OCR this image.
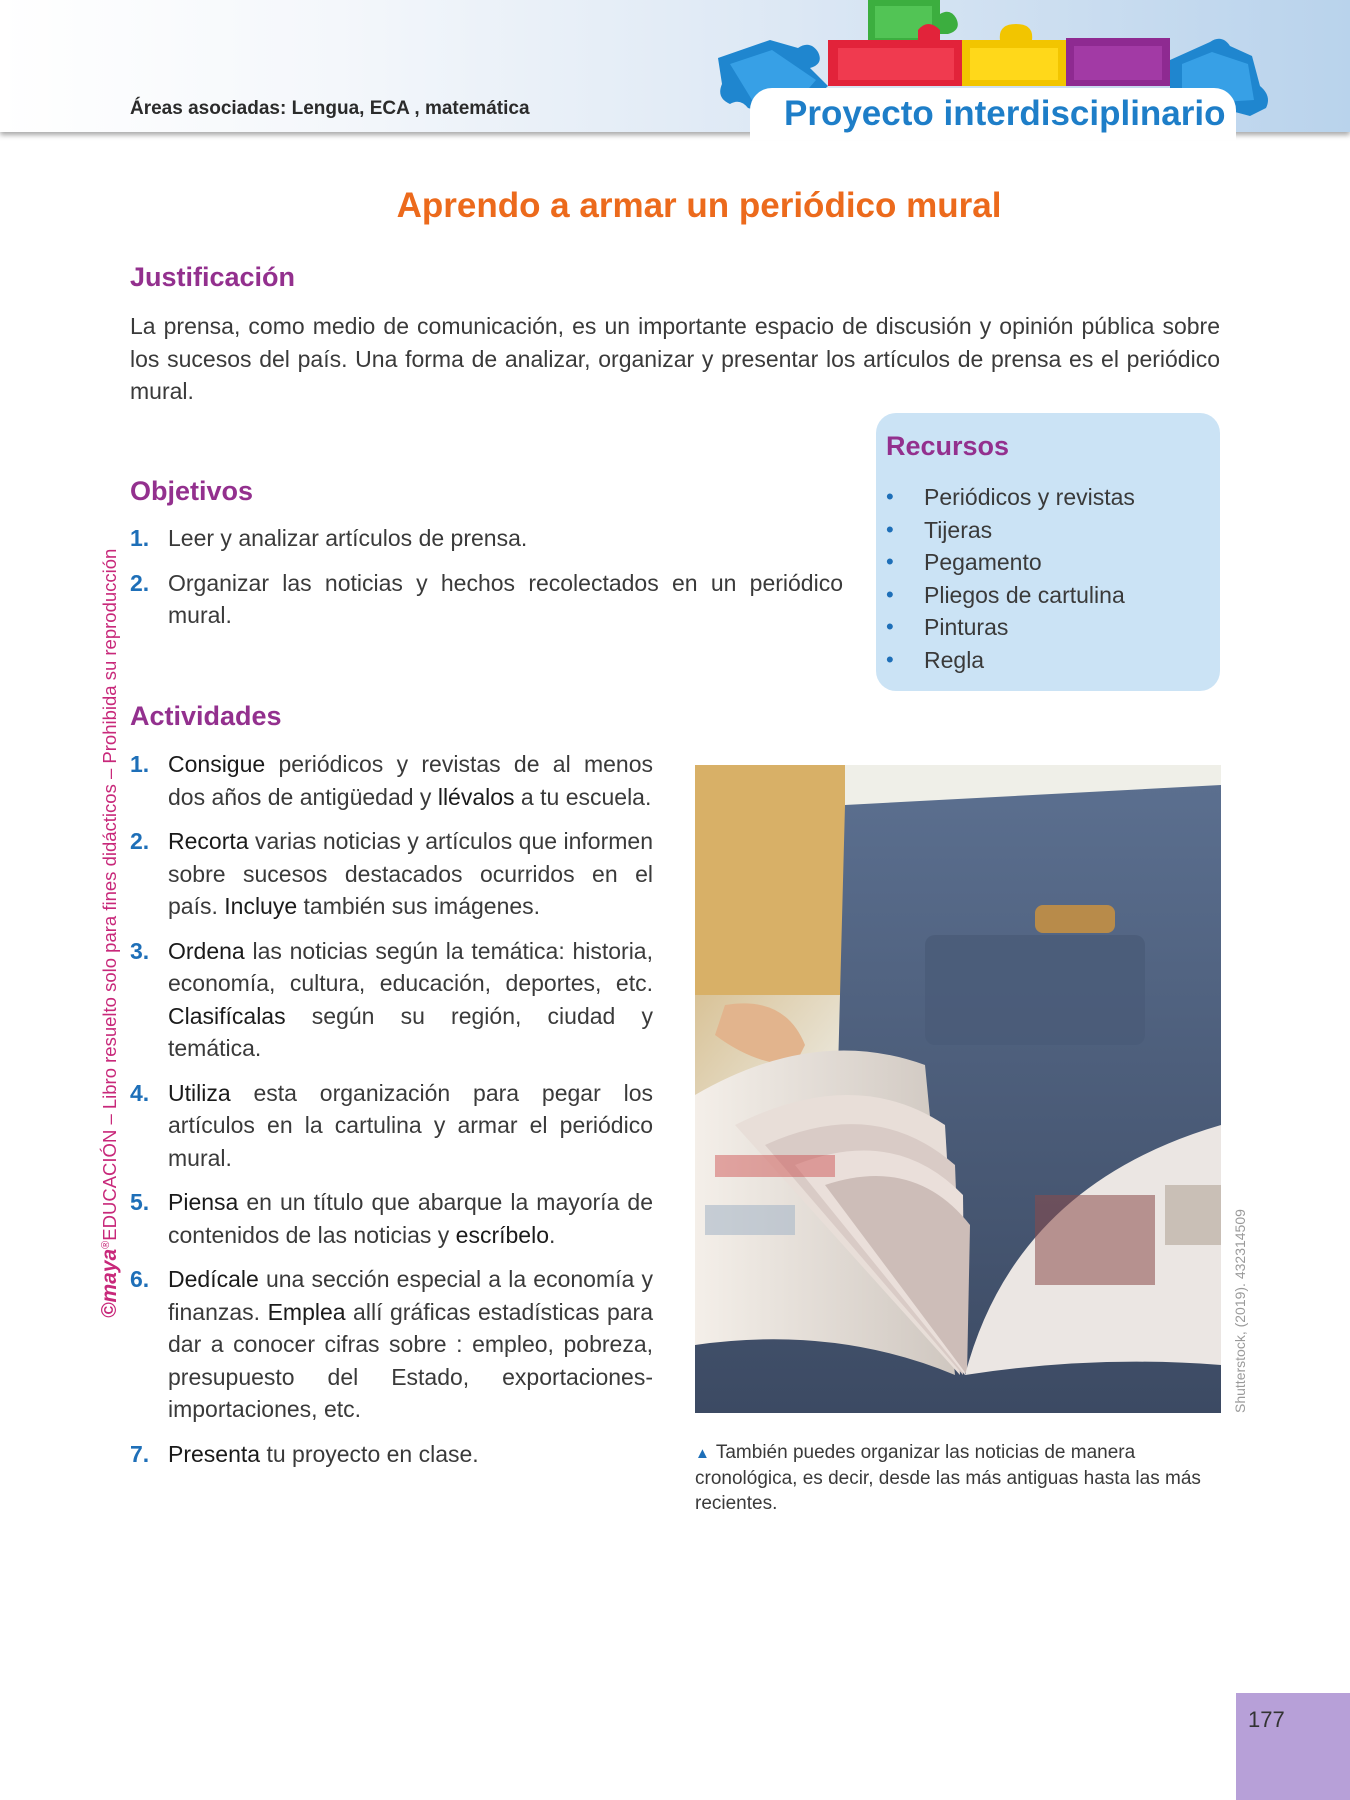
Áreas asociadas: Lengua, ECA , matemática	Proyecto interdisciplinario
©maya®EDUCACIÓN – Libro resuelto solo para fines didácticos – Prohibida su reproducción
Aprendo a armar un periódico mural
Justificación
La prensa, como medio de comunicación, es un importante espacio de discusión y opinión pública sobre los sucesos del país. Una forma de analizar, organizar y presentar los artículos de prensa es el periódico mural.
Recursos
• Periódicos y revistas
• Tijeras
• Pegamento
• Pliegos de cartulina
• Pinturas
• Regla
Objetivos
1. Leer y analizar artículos de prensa.
2. Organizar las noticias y hechos recolectados en un periódico mural.
Actividades
1. Consigue periódicos y revistas de al menos dos años de antigüedad y llévalos a tu escuela.
2. Recorta varias noticias y artículos que informen sobre sucesos destacados ocurridos en el país. Incluye también sus imágenes.
3. Ordena las noticias según la temática: historia, economía, cultura, educación, deportes, etc. Clasifícalas según su región, ciudad y temática.
4. Utiliza esta organización para pegar los artículos en la cartulina y armar el periódico mural.
5. Piensa en un título que abarque la mayoría de contenidos de las noticias y escríbelo.
6. Dedícale una sección especial a la economía y finanzas. Emplea allí gráficas estadísticas para dar a conocer cifras sobre : empleo, pobreza, presupuesto del Estado, exportaciones-importaciones, etc.
7. Presenta tu proyecto en clase.
Shutterstock, (2019). 432314509
▲ También puedes organizar las noticias de manera cronológica, es decir, desde las más antiguas hasta las más recientes.
177
